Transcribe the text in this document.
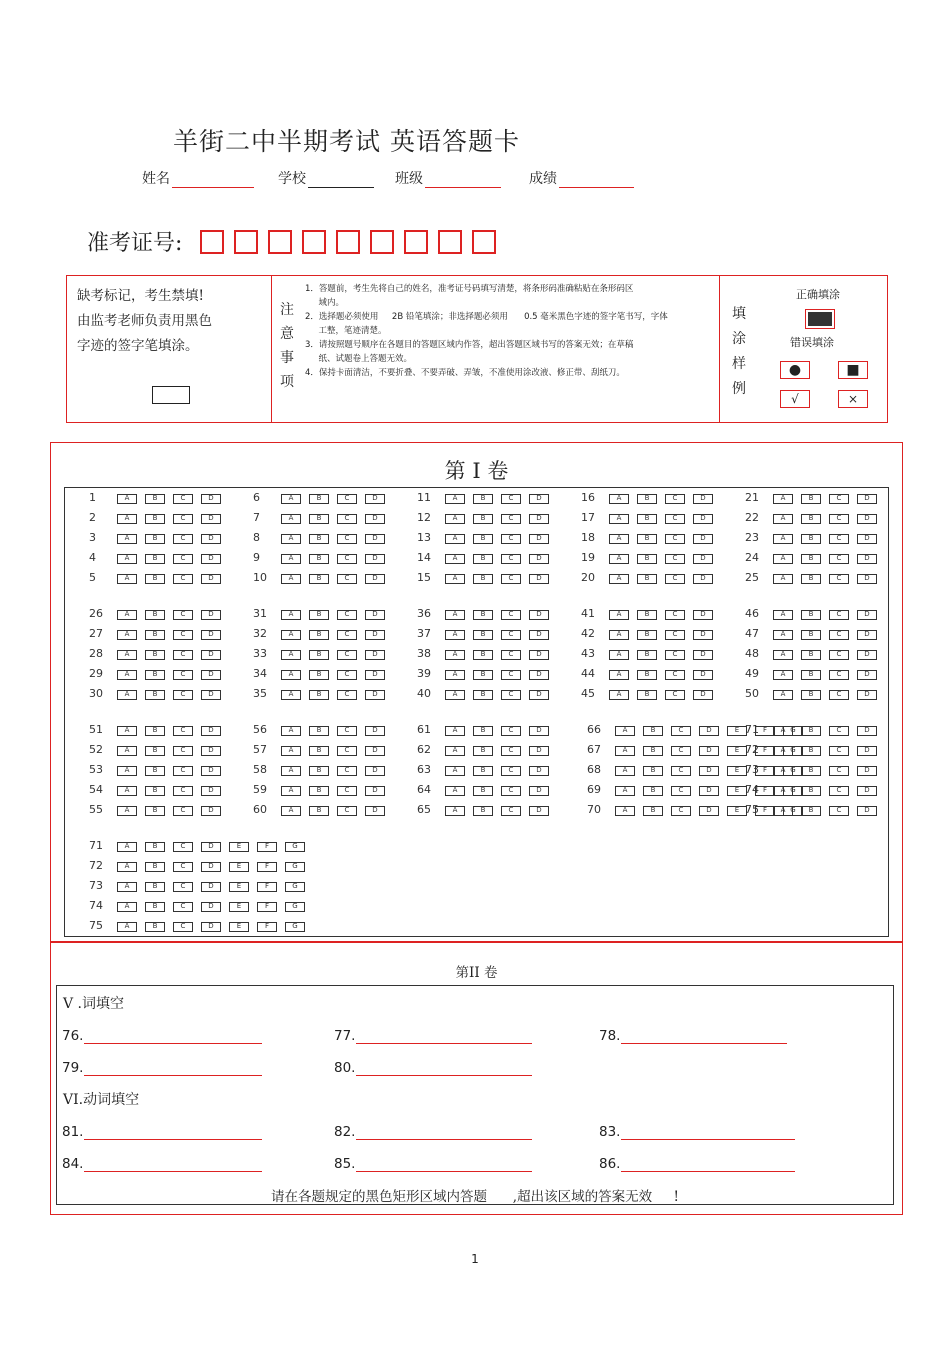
羊街二中半期考试 英语答题卡
姓名	学校	班级	成绩
准考证号:
缺考标记，考生禁填!
由监考老师负责用黑色
字迹的签字笔填涂。
注
意
事
项
1．答题前，考生先将自己的姓名，准考证号码填写清楚，将条形码准确粘贴在条形码区
域内。
2．选择题必须使用     2B 铅笔填涂；非选择题必须用      0.5 毫米黑色字迹的签字笔书写，字体
工整，笔迹清楚。
3．请按照题号顺序在各题目的答题区域内作答，超出答题区域书写的答案无效；在草稿
纸、试题卷上答题无效。
4．保持卡面清洁，不要折叠、不要弄破、弄皱，不准使用涂改液、修正带、刮纸刀。
填
涂
样
例
正确填涂
错误填涂
●	■
√	×
第 I 卷
1	A	B	C	D
2	A	B	C	D
3	A	B	C	D
4	A	B	C	D
5	A	B	C	D
6	A	B	C	D
7	A	B	C	D
8	A	B	C	D
9	A	B	C	D
10	A	B	C	D
11	A	B	C	D
12	A	B	C	D
13	A	B	C	D
14	A	B	C	D
15	A	B	C	D
16	A	B	C	D
17	A	B	C	D
18	A	B	C	D
19	A	B	C	D
20	A	B	C	D
21	A	B	C	D
22	A	B	C	D
23	A	B	C	D
24	A	B	C	D
25	A	B	C	D
26	A	B	C	D
27	A	B	C	D
28	A	B	C	D
29	A	B	C	D
30	A	B	C	D
31	A	B	C	D
32	A	B	C	D
33	A	B	C	D
34	A	B	C	D
35	A	B	C	D
36	A	B	C	D
37	A	B	C	D
38	A	B	C	D
39	A	B	C	D
40	A	B	C	D
41	A	B	C	D
42	A	B	C	D
43	A	B	C	D
44	A	B	C	D
45	A	B	C	D
46	A	B	C	D
47	A	B	C	D
48	A	B	C	D
49	A	B	C	D
50	A	B	C	D
51	A	B	C	D
52	A	B	C	D
53	A	B	C	D
54	A	B	C	D
55	A	B	C	D
56	A	B	C	D
57	A	B	C	D
58	A	B	C	D
59	A	B	C	D
60	A	B	C	D
61	A	B	C	D
62	A	B	C	D
63	A	B	C	D
64	A	B	C	D
65	A	B	C	D
66	A	B	C	D	E	F	G
67	A	B	C	D	E	F	G
68	A	B	C	D	E	F	G
69	A	B	C	D	E	F	G
70	A	B	C	D	E	F	G
71	A	B	C	D
72	A	B	C	D
73	A	B	C	D
74	A	B	C	D
75	A	B	C	D
71	A	B	C	D	E	F	G
72	A	B	C	D	E	F	G
73	A	B	C	D	E	F	G
74	A	B	C	D	E	F	G
75	A	B	C	D	E	F	G
第II 卷
V .词填空
76.	77.	78.
79.	80.
VI.动词填空
81.	82.	83.
84.	85.	86.
请在各题规定的黑色矩形区域内答题      ,超出该区域的答案无效     !
1
